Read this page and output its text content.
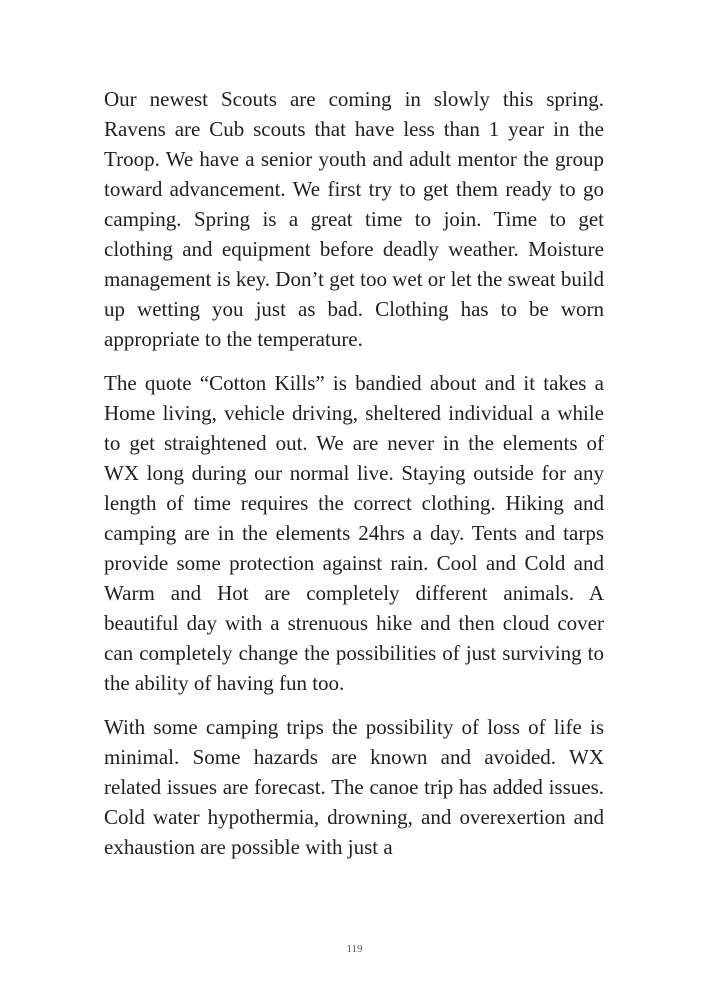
Our newest Scouts are coming in slowly this spring. Ravens are Cub scouts that have less than 1 year in the Troop. We have a senior youth and adult mentor the group toward advancement. We first try to get them ready to go camping. Spring is a great time to join. Time to get clothing and equipment before deadly weather. Moisture management is key. Don’t get too wet or let the sweat build up wetting you just as bad. Clothing has to be worn appropriate to the temperature.

The quote “Cotton Kills” is bandied about and it takes a Home living, vehicle driving, sheltered individual a while to get straightened out. We are never in the elements of WX long during our normal live. Staying outside for any length of time requires the correct clothing. Hiking and camping are in the elements 24hrs a day. Tents and tarps provide some protection against rain. Cool and Cold and Warm and Hot are completely different animals. A beautiful day with a strenuous hike and then cloud cover can completely change the possibilities of just surviving to the ability of having fun too.

With some camping trips the possibility of loss of life is minimal. Some hazards are known and avoided. WX related issues are forecast. The canoe trip has added issues. Cold water hypothermia, drowning, and overexertion and exhaustion are possible with just a

119
